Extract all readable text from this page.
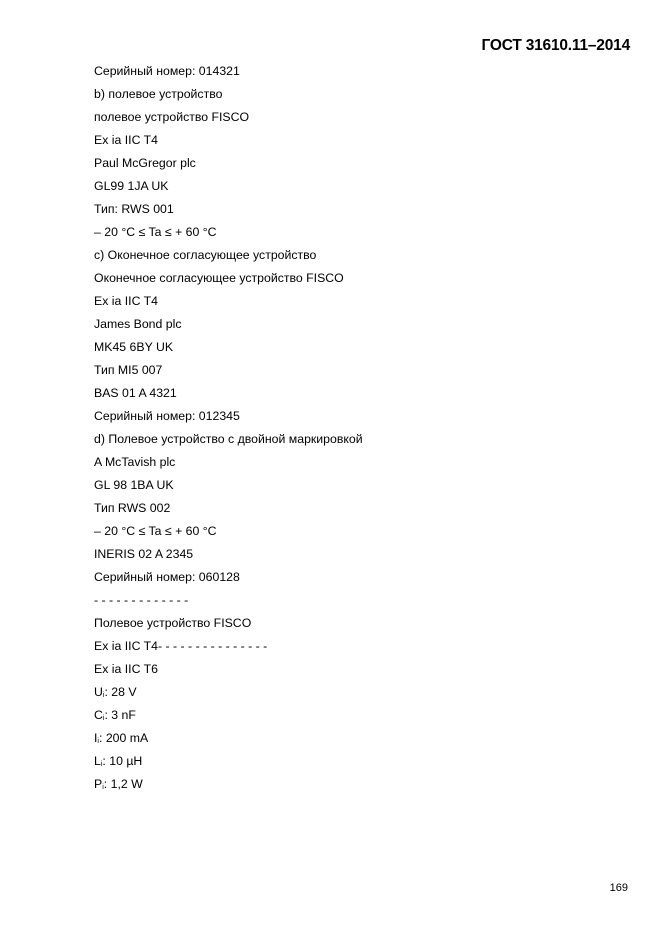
ГОСТ 31610.11–2014
Серийный номер: 014321
b) полевое устройство
полевое устройство FISCO
Ex ia IIC T4
Paul McGregor plc
GL99 1JA UK
Тип: RWS 001
– 20 °C ≤ Ta ≤ + 60 °C
c) Оконечное согласующее устройство
Оконечное согласующее устройство FISCO
Ex ia IIC T4
James Bond plc
MK45 6BY UK
Тип MI5 007
BAS 01 A 4321
Серийный номер: 012345
d) Полевое устройство с двойной маркировкой
A McTavish plc
GL 98 1BA UK
Тип RWS 002
– 20 °C ≤ Ta ≤ + 60 °C
INERIS 02 A 2345
Серийный номер: 060128
- - - - - - - - - - - - -
Полевое устройство FISCO
Ex ia IIC T4- - - - - - - - - - - - - - -
Ex ia IIC T6
Ui: 28 V
Ci: 3 nF
Ii: 200 mA
Li: 10 µH
Pi: 1,2 W
169
